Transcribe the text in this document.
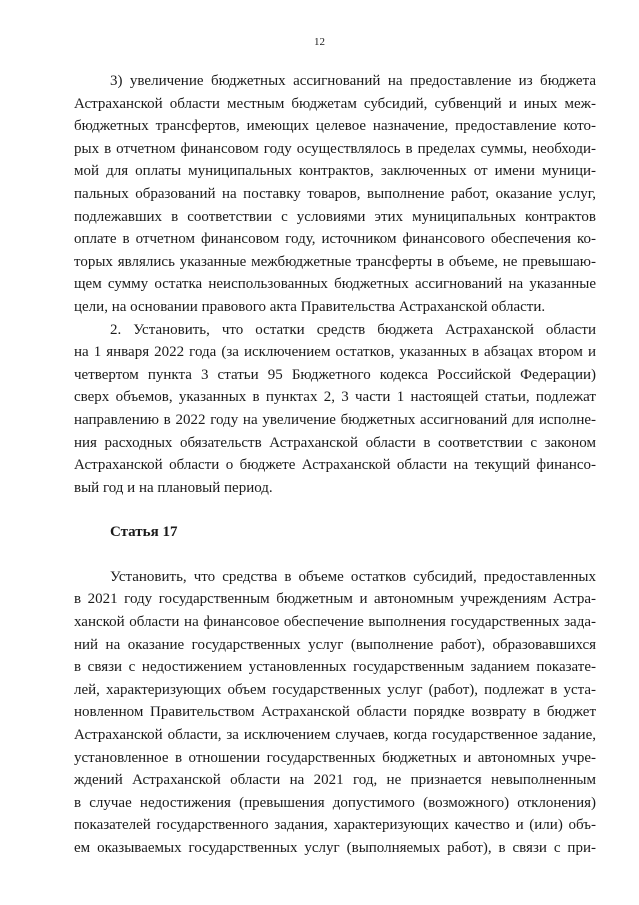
12
3) увеличение бюджетных ассигнований на предоставление из бюджета
Астраханской области местным бюджетам субсидий, субвенций и иных меж-
бюджетных трансфертов, имеющих целевое назначение, предоставление кото-
рых в отчетном финансовом году осуществлялось в пределах суммы, необходи-
мой для оплаты муниципальных контрактов, заключенных от имени муници-
пальных образований на поставку товаров, выполнение работ, оказание услуг,
подлежавших в соответствии с условиями этих муниципальных контрактов
оплате в отчетном финансовом году, источником финансового обеспечения ко-
торых являлись указанные межбюджетные трансферты в объеме, не превышаю-
щем сумму остатка неиспользованных бюджетных ассигнований на указанные
цели, на основании правового акта Правительства Астраханской области.
2. Установить, что остатки средств бюджета Астраханской области
на 1 января 2022 года (за исключением остатков, указанных в абзацах втором и
четвертом пункта 3 статьи 95 Бюджетного кодекса Российской Федерации)
сверх объемов, указанных в пунктах 2, 3 части 1 настоящей статьи, подлежат
направлению в 2022 году на увеличение бюджетных ассигнований для исполне-
ния расходных обязательств Астраханской области в соответствии с законом
Астраханской области о бюджете Астраханской области на текущий финансо-
вый год и на плановый период.
Статья 17
Установить, что средства в объеме остатков субсидий, предоставленных
в 2021 году государственным бюджетным и автономным учреждениям Астра-
ханской области на финансовое обеспечение выполнения государственных зада-
ний на оказание государственных услуг (выполнение работ), образовавшихся
в связи с недостижением установленных государственным заданием показате-
лей, характеризующих объем государственных услуг (работ), подлежат в уста-
новленном Правительством Астраханской области порядке возврату в бюджет
Астраханской области, за исключением случаев, когда государственное задание,
установленное в отношении государственных бюджетных и автономных учре-
ждений Астраханской области на 2021 год, не признается невыполненным
в случае недостижения (превышения допустимого (возможного) отклонения)
показателей государственного задания, характеризующих качество и (или) объ-
ем оказываемых государственных услуг (выполняемых работ), в связи с при-
